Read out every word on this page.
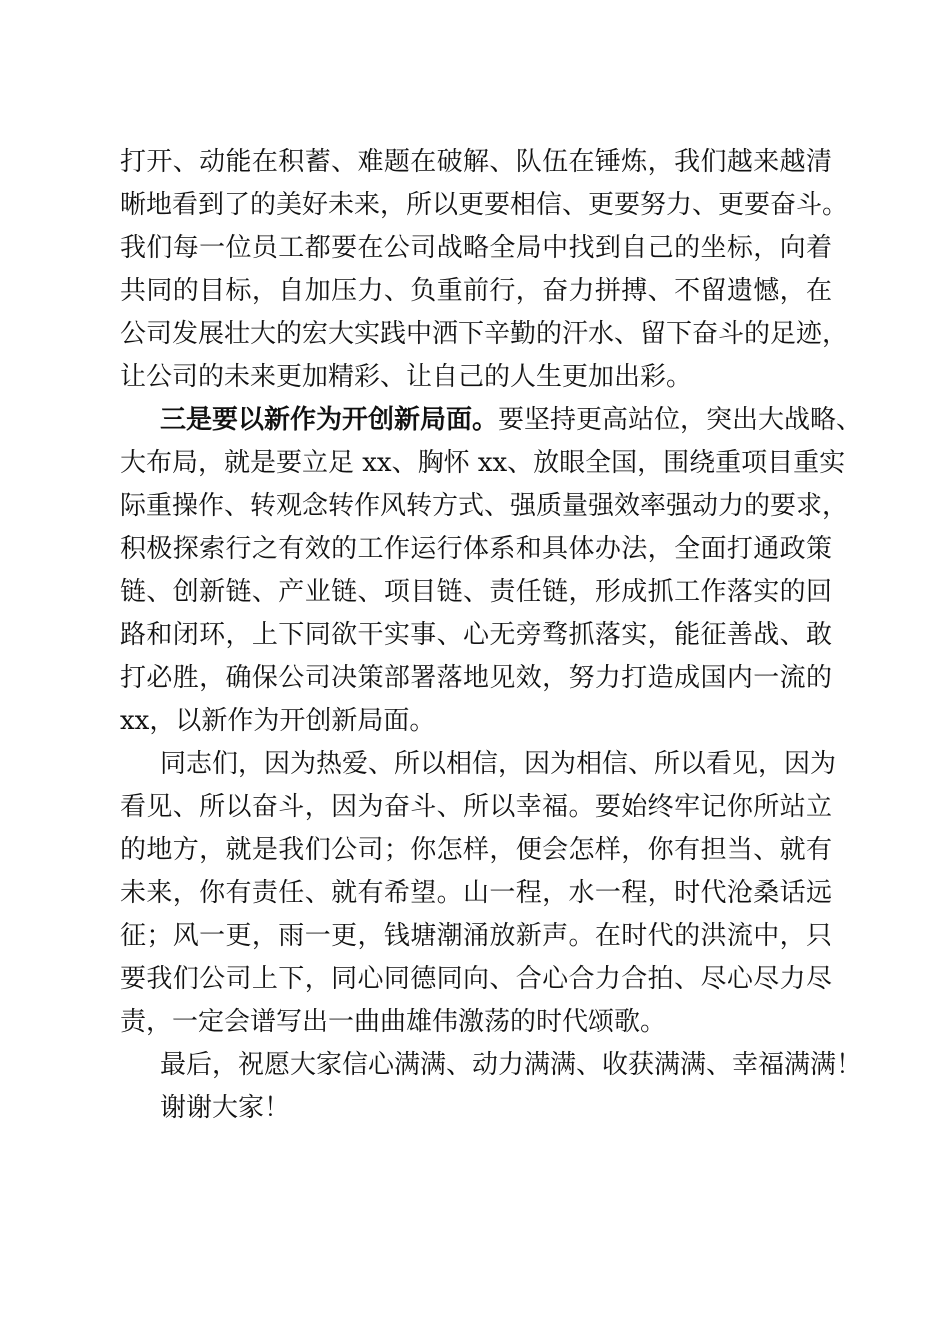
打开、动能在积蓄、难题在破解、队伍在锤炼，我们越来越清
晰地看到了的美好未来，所以更要相信、更要努力、更要奋斗。
我们每一位员工都要在公司战略全局中找到自己的坐标，向着
共同的目标，自加压力、负重前行，奋力拼搏、不留遗憾，在
公司发展壮大的宏大实践中洒下辛勤的汗水、留下奋斗的足迹，
让公司的未来更加精彩、让自己的人生更加出彩。
三是要以新作为开创新局面。要坚持更高站位，突出大战略、
大布局，就是要立足 xx、胸怀 xx、放眼全国，围绕重项目重实
际重操作、转观念转作风转方式、强质量强效率强动力的要求，
积极探索行之有效的工作运行体系和具体办法，全面打通政策
链、创新链、产业链、项目链、责任链，形成抓工作落实的回
路和闭环，上下同欲干实事、心无旁骛抓落实，能征善战、敢
打必胜，确保公司决策部署落地见效，努力打造成国内一流的
xx，以新作为开创新局面。
同志们，因为热爱、所以相信，因为相信、所以看见，因为
看见、所以奋斗，因为奋斗、所以幸福。要始终牢记你所站立
的地方，就是我们公司；你怎样，便会怎样，你有担当、就有
未来，你有责任、就有希望。山一程，水一程，时代沧桑话远
征；风一更，雨一更，钱塘潮涌放新声。在时代的洪流中，只
要我们公司上下，同心同德同向、合心合力合拍、尽心尽力尽
责，一定会谱写出一曲曲雄伟激荡的时代颂歌。
最后，祝愿大家信心满满、动力满满、收获满满、幸福满满！
谢谢大家！
